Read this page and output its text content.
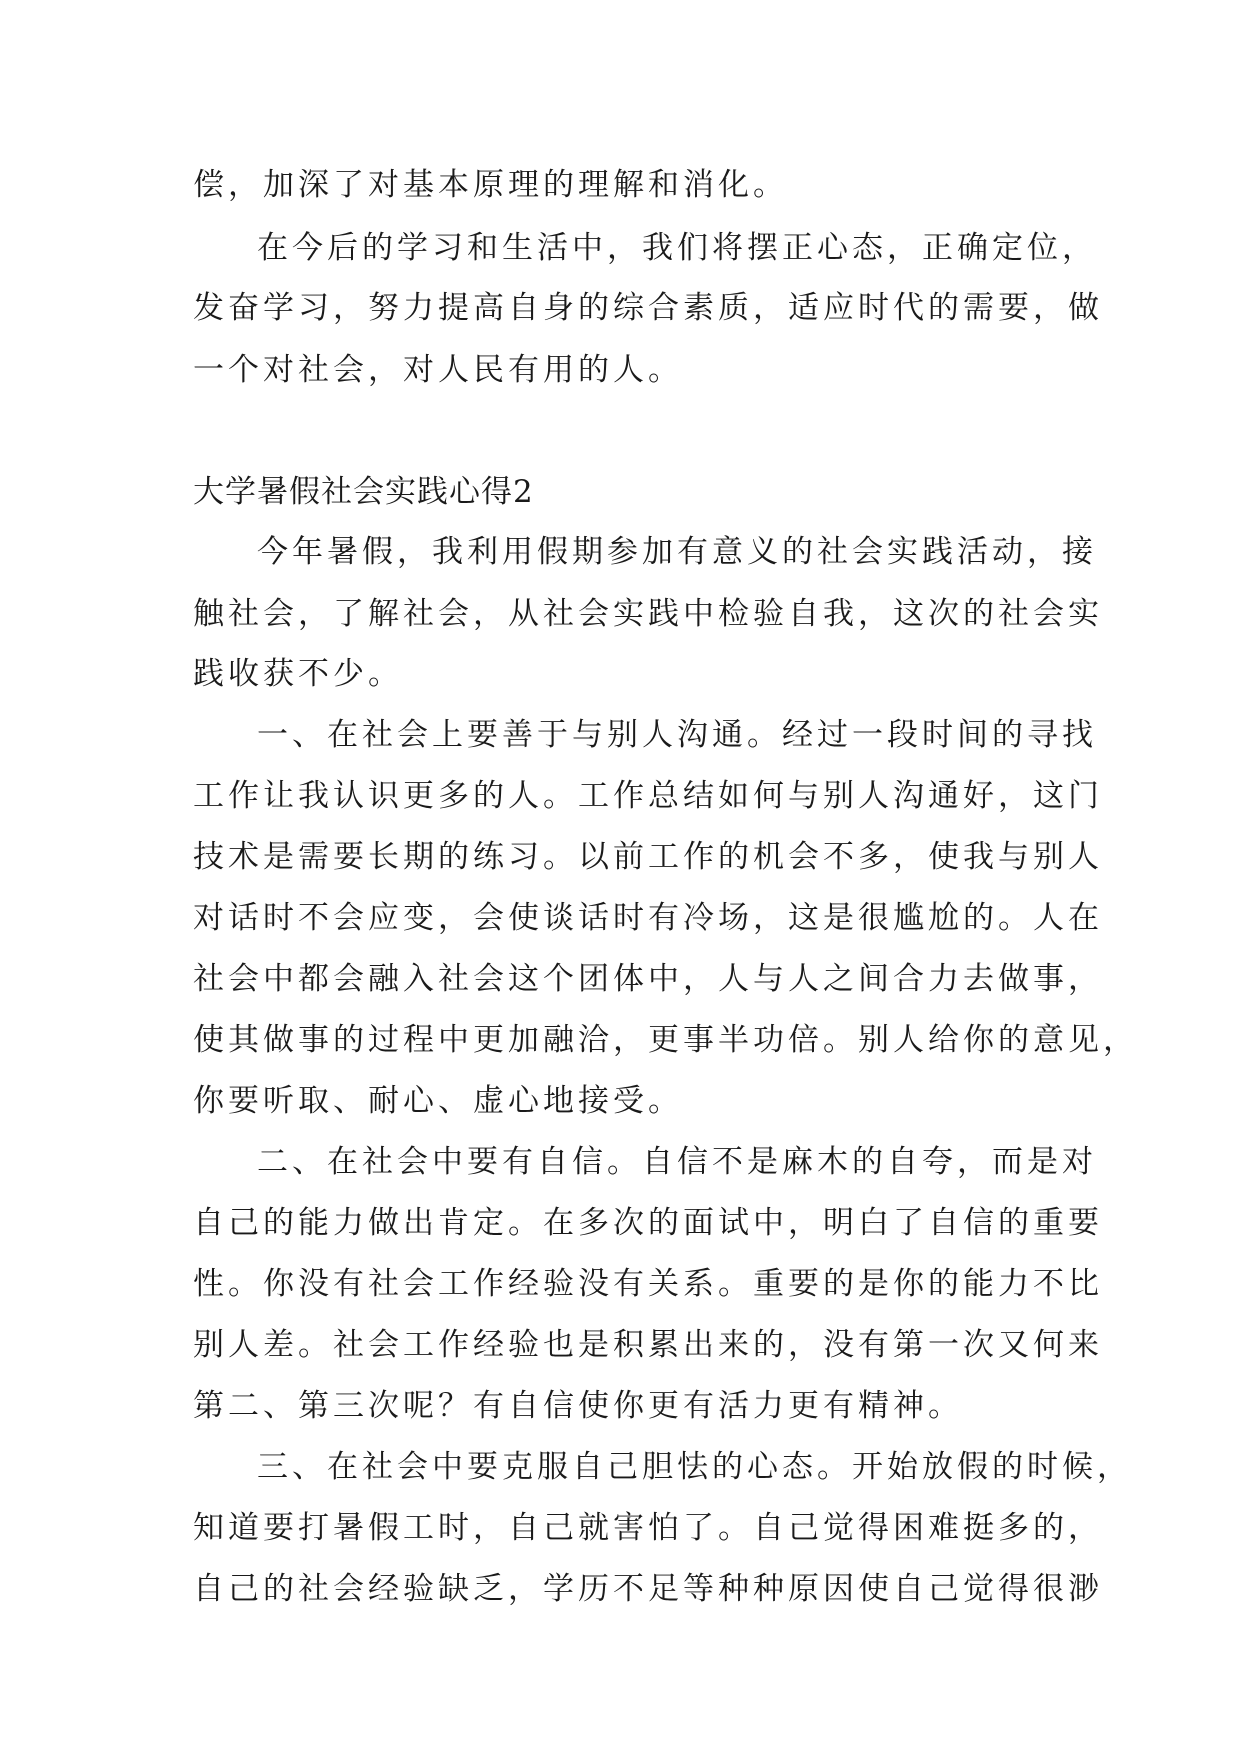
偿，加深了对基本原理的理解和消化。

在今后的学习和生活中，我们将摆正心态，正确定位，

发奋学习，努力提高自身的综合素质，适应时代的需要，做

一个对社会，对人民有用的人。

大学暑假社会实践心得2

今年暑假，我利用假期参加有意义的社会实践活动，接

触社会，了解社会，从社会实践中检验自我，这次的社会实

践收获不少。

一、在社会上要善于与别人沟通。经过一段时间的寻找

工作让我认识更多的人。工作总结如何与别人沟通好，这门

技术是需要长期的练习。以前工作的机会不多，使我与别人

对话时不会应变，会使谈话时有冷场，这是很尴尬的。人在

社会中都会融入社会这个团体中，人与人之间合力去做事，

使其做事的过程中更加融洽，更事半功倍。别人给你的意见，

你要听取、耐心、虚心地接受。

二、在社会中要有自信。自信不是麻木的自夸，而是对

自己的能力做出肯定。在多次的面试中，明白了自信的重要

性。你没有社会工作经验没有关系。重要的是你的能力不比

别人差。社会工作经验也是积累出来的，没有第一次又何来

第二、第三次呢？有自信使你更有活力更有精神。

三、在社会中要克服自己胆怯的心态。开始放假的时候，

知道要打暑假工时，自己就害怕了。自己觉得困难挺多的，

自己的社会经验缺乏，学历不足等种种原因使自己觉得很渺
